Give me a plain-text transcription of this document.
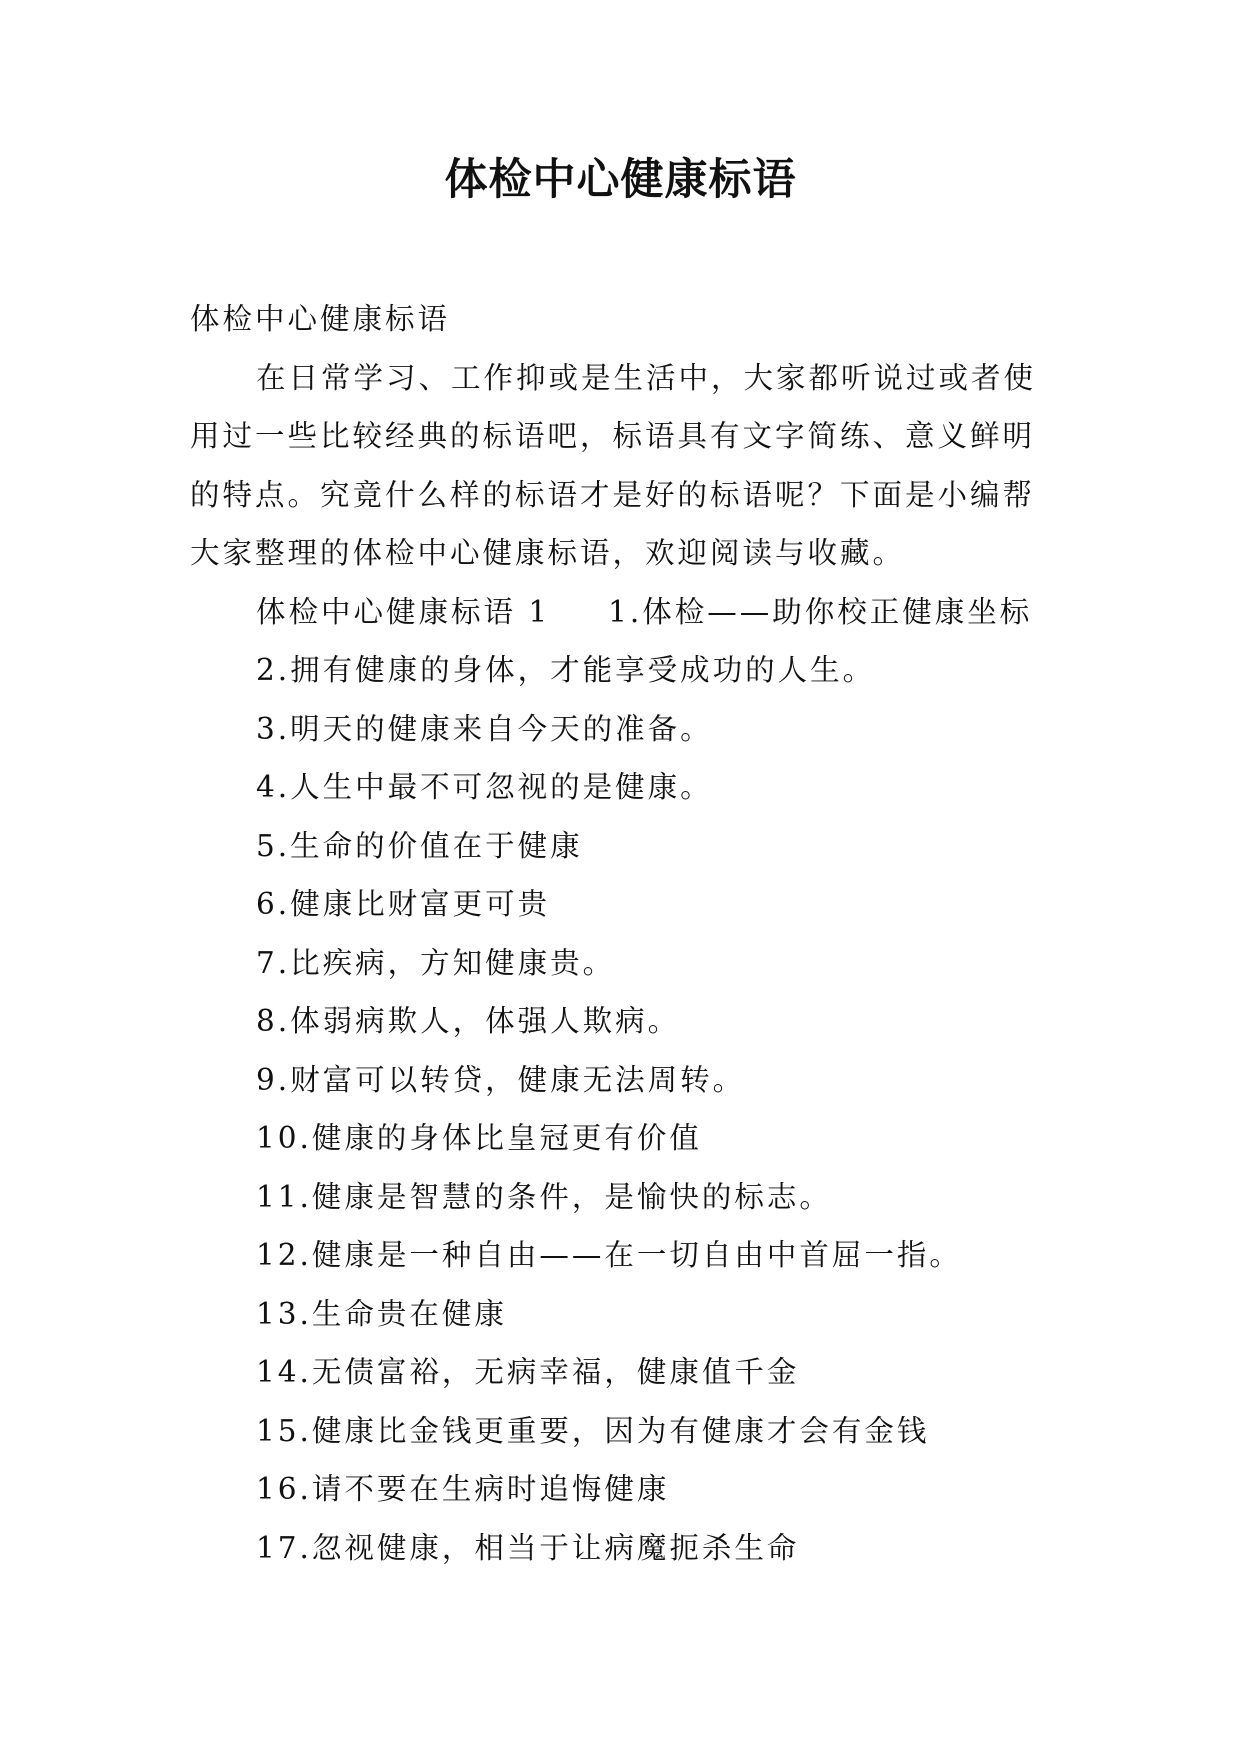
体检中心健康标语
体检中心健康标语
在日常学习、工作抑或是生活中，大家都听说过或者使
用过一些比较经典的标语吧，标语具有文字简练、意义鲜明
的特点。究竟什么样的标语才是好的标语呢？下面是小编帮
大家整理的体检中心健康标语，欢迎阅读与收藏。
体检中心健康标语 1 1.体检——助你校正健康坐标
2.拥有健康的身体，才能享受成功的人生。
3.明天的健康来自今天的准备。
4.人生中最不可忽视的是健康。
5.生命的价值在于健康
6.健康比财富更可贵
7.比疾病，方知健康贵。
8.体弱病欺人，体强人欺病。
9.财富可以转贷，健康无法周转。
10.健康的身体比皇冠更有价值
11.健康是智慧的条件，是愉快的标志。
12.健康是一种自由——在一切自由中首屈一指。
13.生命贵在健康
14.无债富裕，无病幸福，健康值千金
15.健康比金钱更重要，因为有健康才会有金钱
16.请不要在生病时追悔健康
17.忽视健康，相当于让病魔扼杀生命
